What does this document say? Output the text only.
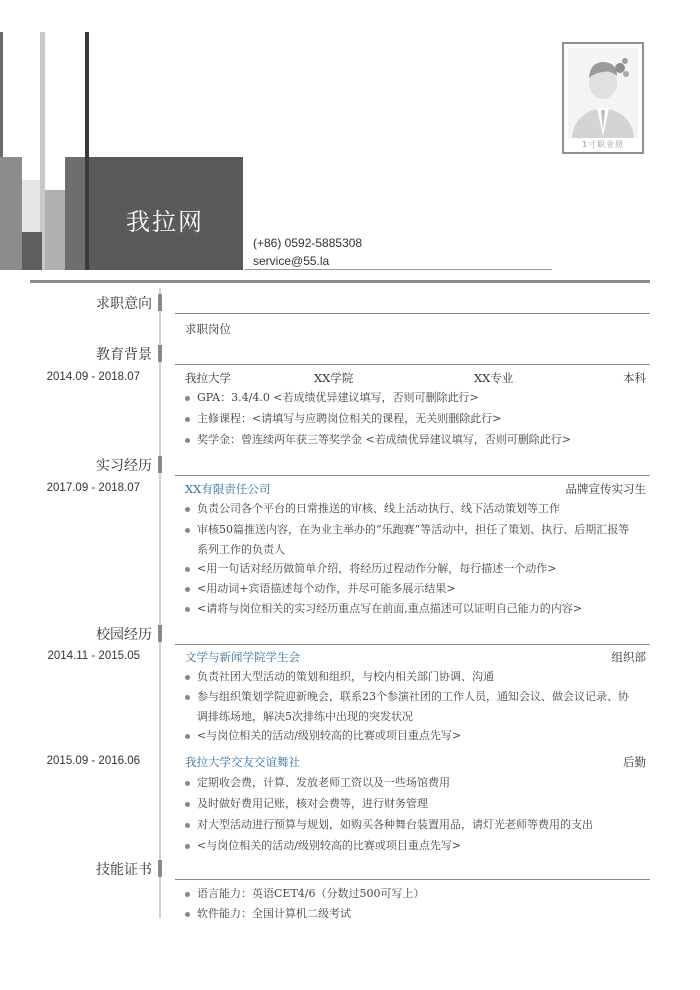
我拉网
(+86) 0592-5885308
service@55.la
1寸职业照
求职意向
求职岗位
教育背景
2014.09 - 2018.07	我拉大学	XX学院	XX专业	本科
GPA：3.4/4.0 <若成绩优异建议填写，否则可删除此行>
主修课程：<请填写与应聘岗位相关的课程，无关则删除此行>
奖学金：曾连续两年获三等奖学金 <若成绩优异建议填写，否则可删除此行>
实习经历
2017.09 - 2018.07	XX有限责任公司	品牌宣传实习生
负责公司各个平台的日常推送的审核、线上活动执行、线下活动策划等工作
审核50篇推送内容，在为业主举办的“乐跑赛”等活动中，担任了策划、执行、后期汇报等
系列工作的负责人
<用一句话对经历做简单介绍，将经历过程动作分解，每行描述一个动作>
<用动词+宾语描述每个动作，并尽可能多展示结果>
<请将与岗位相关的实习经历重点写在前面,重点描述可以证明自己能力的内容>
校园经历
2014.11 - 2015.05	文学与新闻学院学生会	组织部
负责社团大型活动的策划和组织，与校内相关部门协调、沟通
参与组织策划学院迎新晚会，联系23个参演社团的工作人员，通知会议、做会议记录、协
调排练场地，解决5次排练中出现的突发状况
<与岗位相关的活动/级别较高的比赛或项目重点先写>
2015.09 - 2016.06	我拉大学交友交谊舞社	后勤
定期收会费，计算、发放老师工资以及一些场馆费用
及时做好费用记账，核对会费等，进行财务管理
对大型活动进行预算与规划，如购买各种舞台装置用品，请灯光老师等费用的支出
<与岗位相关的活动/级别较高的比赛或项目重点先写>
技能证书
语言能力：英语CET4/6（分数过500可写上）
软件能力：全国计算机二级考试
